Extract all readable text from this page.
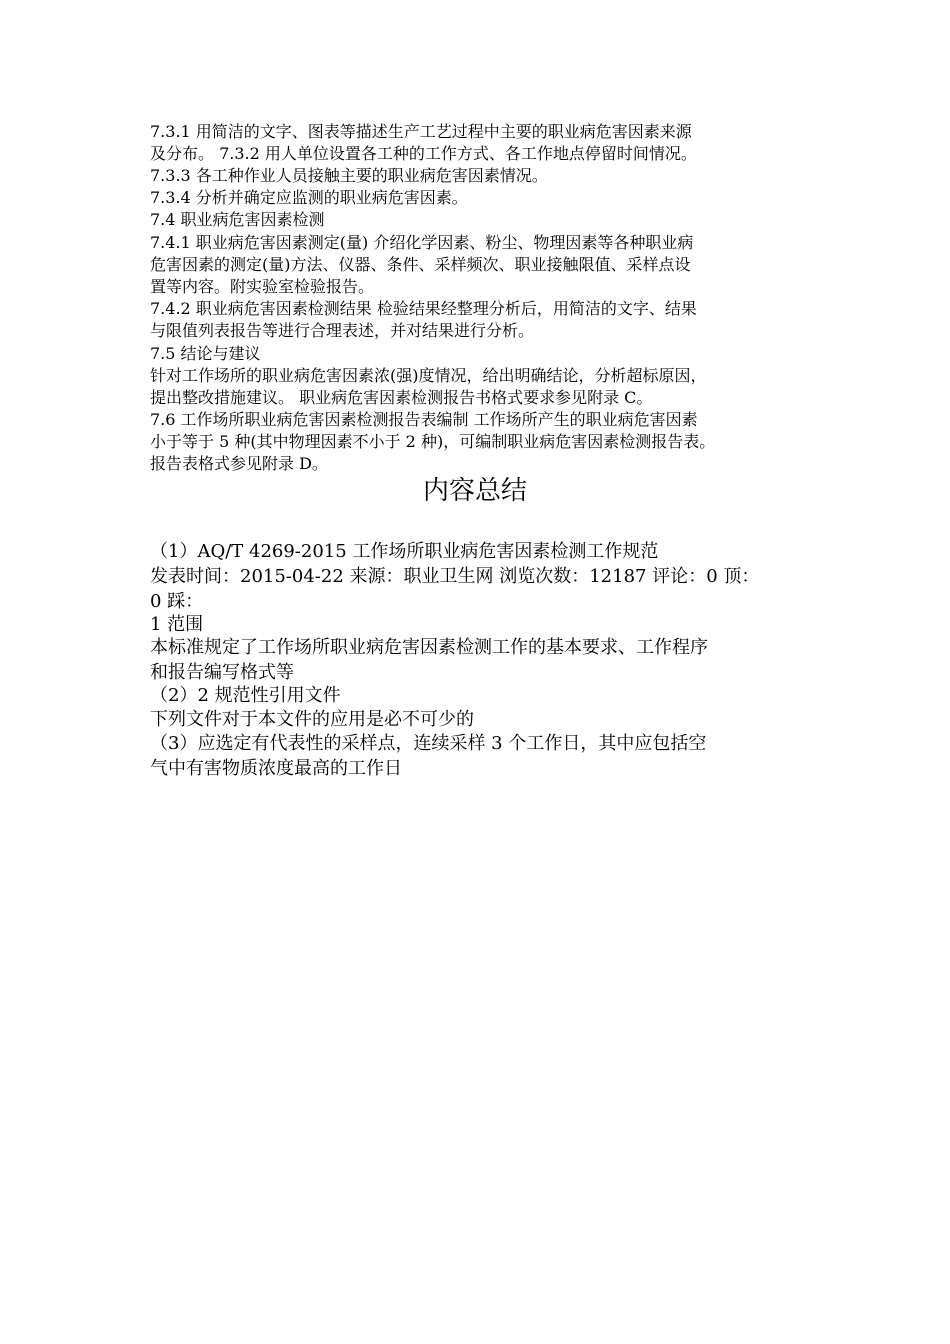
7.3.1 用简洁的文字、图表等描述生产工艺过程中主要的职业病危害因素来源
及分布。 7.3.2 用人单位设置各工种的工作方式、各工作地点停留时间情况。
7.3.3 各工种作业人员接触主要的职业病危害因素情况。
7.3.4 分析并确定应监测的职业病危害因素。
7.4 职业病危害因素检测
7.4.1 职业病危害因素测定(量) 介绍化学因素、粉尘、物理因素等各种职业病
危害因素的测定(量)方法、仪器、条件、采样频次、职业接触限值、采样点设
置等内容。附实验室检验报告。
7.4.2 职业病危害因素检测结果 检验结果经整理分析后，用简洁的文字、结果
与限值列表报告等进行合理表述，并对结果进行分析。
7.5 结论与建议
针对工作场所的职业病危害因素浓(强)度情况，给出明确结论，分析超标原因，
提出整改措施建议。 职业病危害因素检测报告书格式要求参见附录 C。
7.6 工作场所职业病危害因素检测报告表编制 工作场所产生的职业病危害因素
小于等于 5 种(其中物理因素不小于 2 种)，可编制职业病危害因素检测报告表。
报告表格式参见附录 D。
内容总结
（1）AQ/T 4269-2015 工作场所职业病危害因素检测工作规范
发表时间：2015-04-22 来源：职业卫生网 浏览次数：12187 评论：0 顶：
0 踩：
1 范围
本标准规定了工作场所职业病危害因素检测工作的基本要求、工作程序
和报告编写格式等
（2）2 规范性引用文件
下列文件对于本文件的应用是必不可少的
（3）应选定有代表性的采样点，连续采样 3 个工作日，其中应包括空
气中有害物质浓度最高的工作日
